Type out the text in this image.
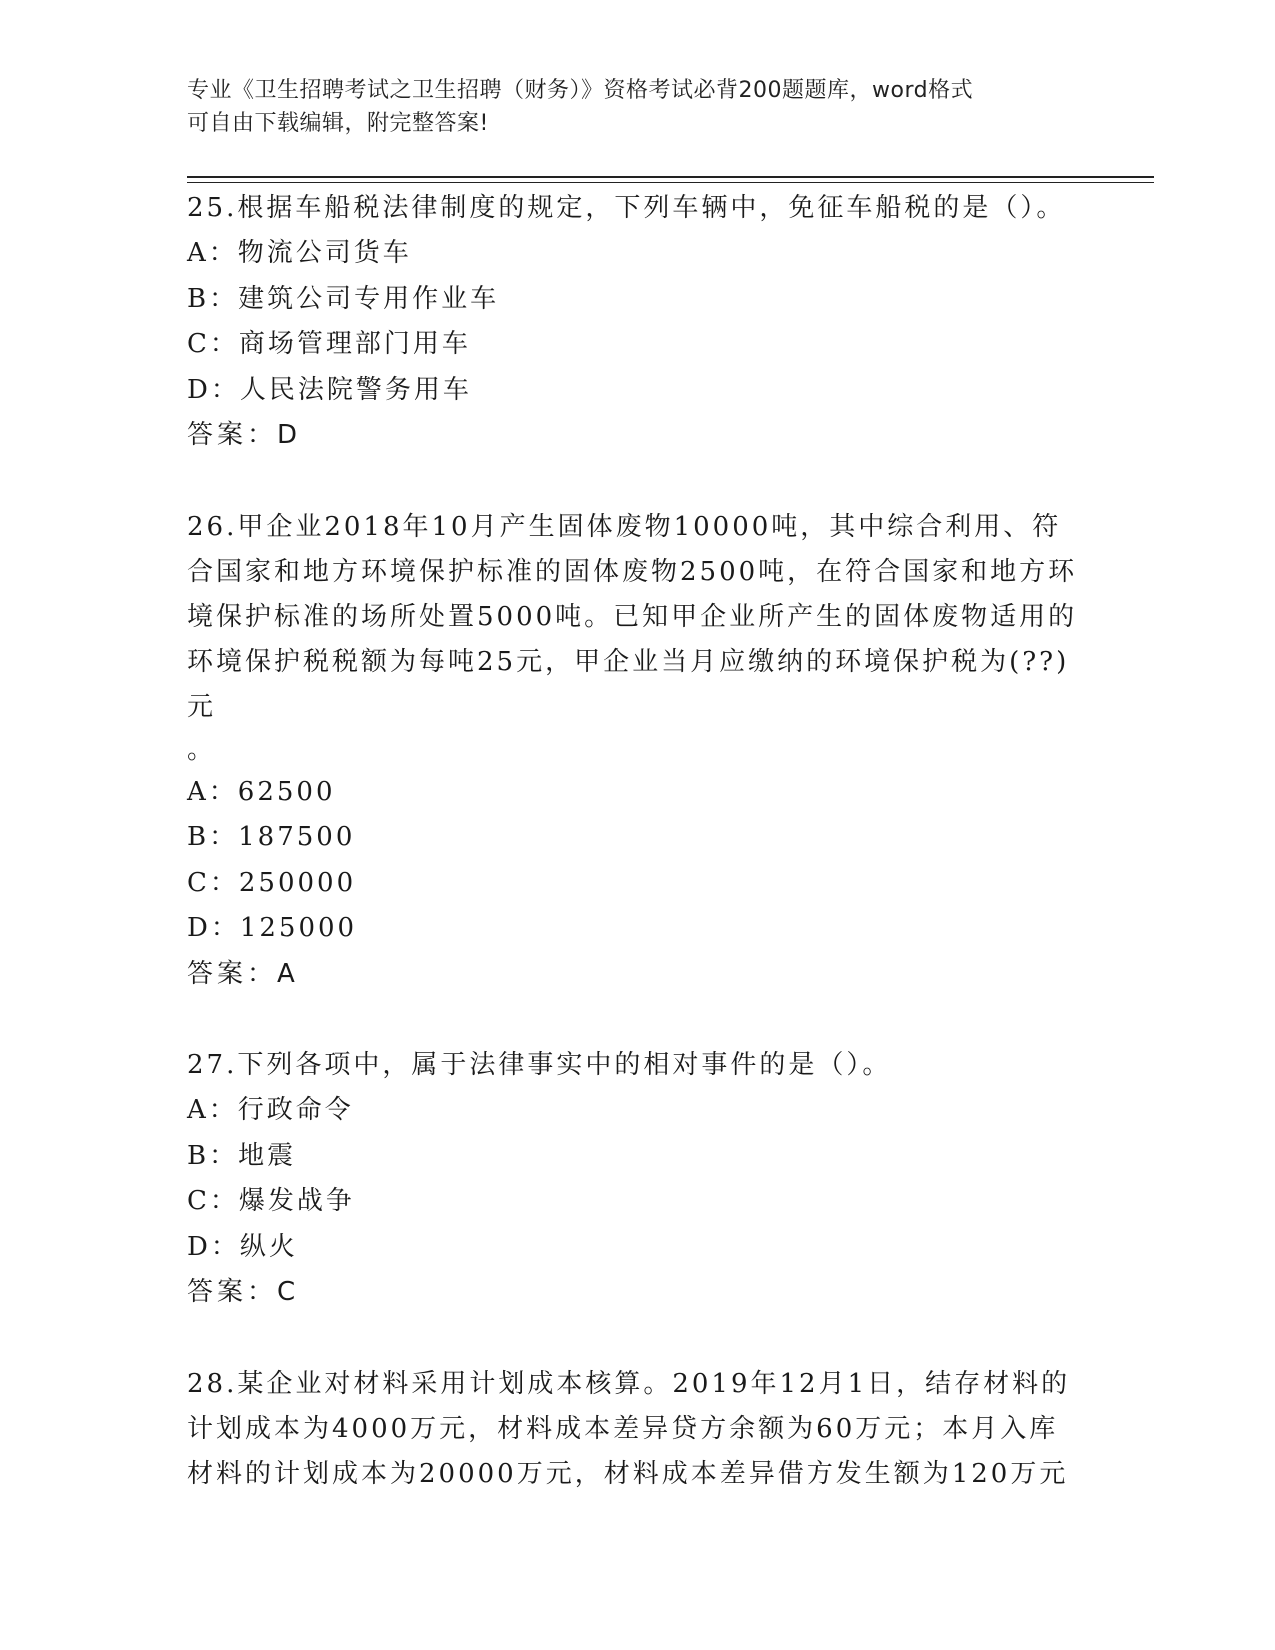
专业《卫生招聘考试之卫生招聘（财务）》资格考试必背200题题库，word格式
可自由下载编辑，附完整答案!

25.根据车船税法律制度的规定，下列车辆中，免征车船税的是（）。

A：物流公司货车

B：建筑公司专用作业车

C：商场管理部门用车

D：人民法院警务用车

答案：D

26.甲企业2018年10月产生固体废物10000吨，其中综合利用、符合国家和地方环境保护标准的固体废物2500吨，在符合国家和地方环境保护标准的场所处置5000吨。已知甲企业所产生的固体废物适用的环境保护税税额为每吨25元，甲企业当月应缴纳的环境保护税为(??)元

。

A：62500

B：187500

C：250000

D：125000

答案：A

27.下列各项中，属于法律事实中的相对事件的是（）。

A：行政命令

B：地震

C：爆发战争

D：纵火

答案：C

28.某企业对材料采用计划成本核算。2019年12月1日，结存材料的计划成本为4000万元，材料成本差异贷方余额为60万元；本月入库材料的计划成本为20000万元，材料成本差异借方发生额为120万元
